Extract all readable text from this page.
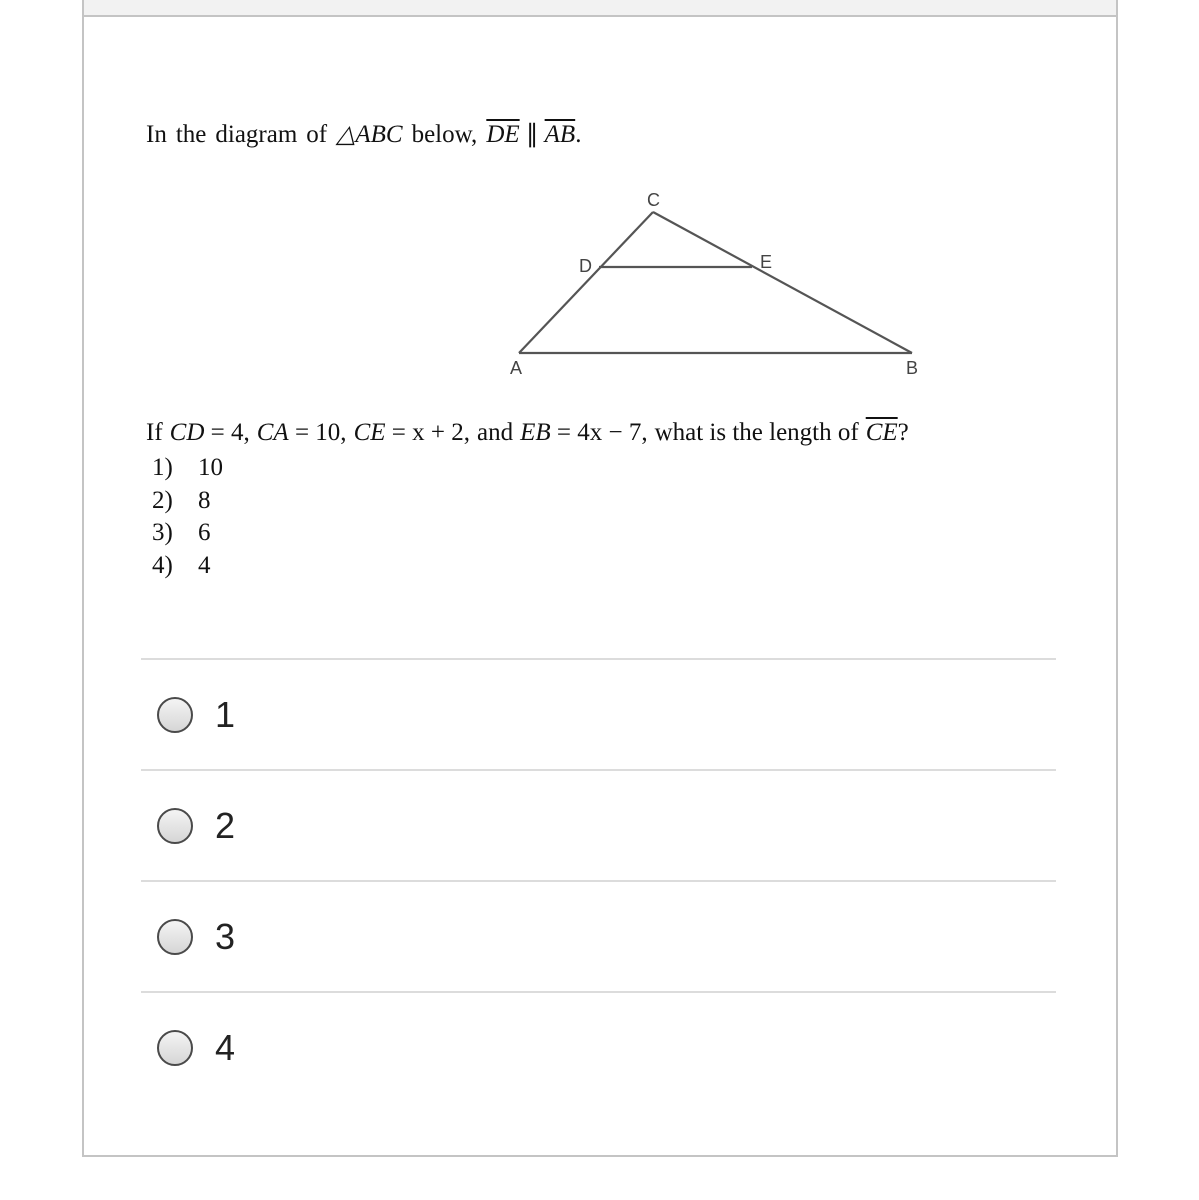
In the diagram of △ABC below, $\overline{DE}$ ∥ $\overline{AB}$.
C
D	E
A	B
If CD = 4, CA = 10, CE = x + 2, and EB = 4x − 7, what is the length of $\overline{CE}$?
1) 10
2) 8
3) 6
4) 4
1
2
3
4
